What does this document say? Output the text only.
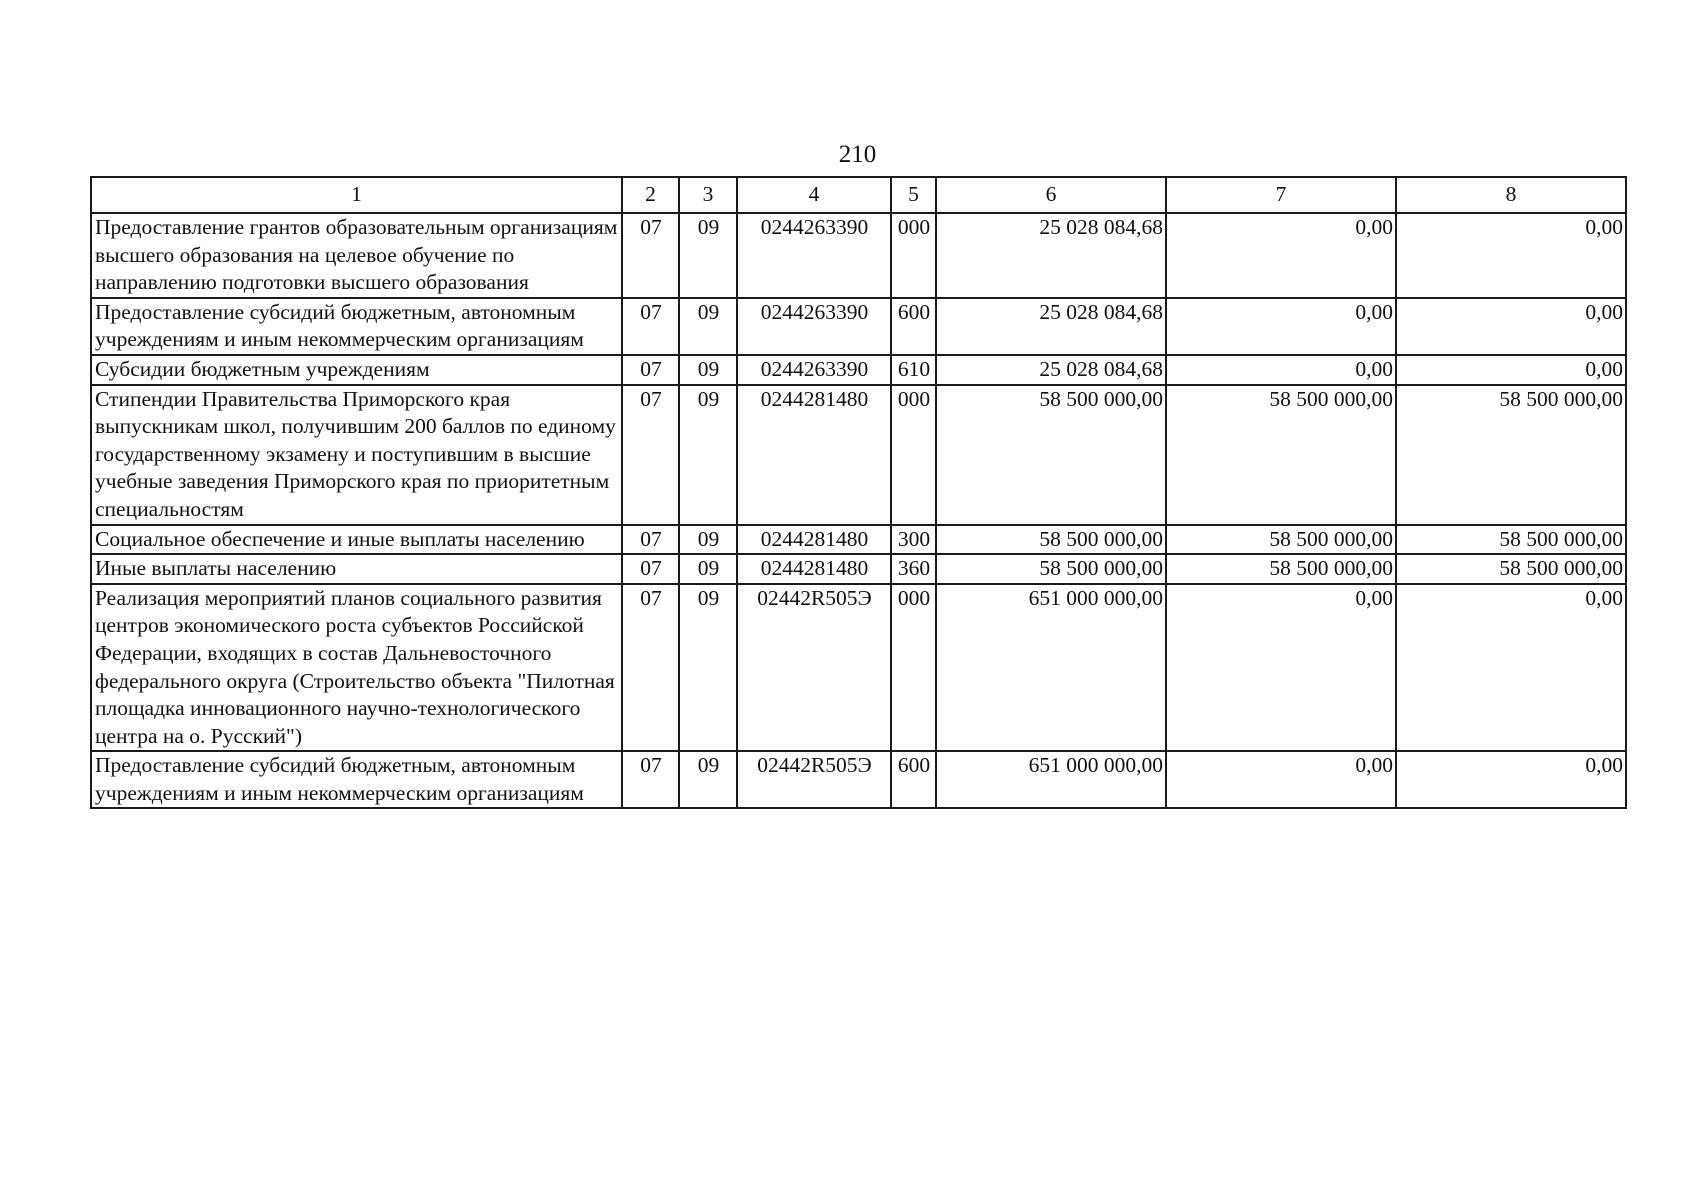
210
1	2	3	4	5	6	7	8
Предоставление грантов образовательным организациям высшего образования на целевое обучение по направлению подготовки высшего образования	07	09	0244263390	000	25 028 084,68	0,00	0,00
Предоставление субсидий бюджетным, автономным учреждениям и иным некоммерческим организациям	07	09	0244263390	600	25 028 084,68	0,00	0,00
Субсидии бюджетным учреждениям	07	09	0244263390	610	25 028 084,68	0,00	0,00
Стипендии Правительства Приморского края выпускникам школ, получившим 200 баллов по единому государственному экзамену и поступившим в высшие учебные заведения Приморского края по приоритетным специальностям	07	09	0244281480	000	58 500 000,00	58 500 000,00	58 500 000,00
Социальное обеспечение и иные выплаты населению	07	09	0244281480	300	58 500 000,00	58 500 000,00	58 500 000,00
Иные выплаты населению	07	09	0244281480	360	58 500 000,00	58 500 000,00	58 500 000,00
Реализация мероприятий планов социального развития центров экономического роста субъектов Российской Федерации, входящих в состав Дальневосточного федерального округа (Строительство объекта "Пилотная площадка инновационного научно-технологического центра на о. Русский")	07	09	02442R505Э	000	651 000 000,00	0,00	0,00
Предоставление субсидий бюджетным, автономным учреждениям и иным некоммерческим организациям	07	09	02442R505Э	600	651 000 000,00	0,00	0,00
